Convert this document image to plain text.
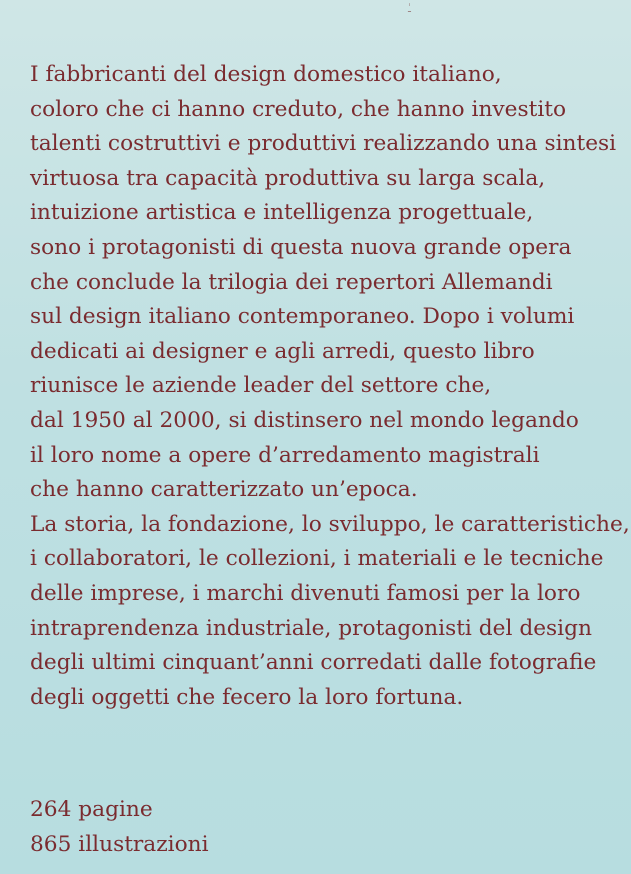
ـٰ

I fabbricanti del design domestico italiano,
coloro che ci hanno creduto, che hanno investito
talenti costruttivi e produttivi realizzando una sintesi
virtuosa tra capacità produttiva su larga scala,
intuizione artistica e intelligenza progettuale,
sono i protagonisti di questa nuova grande opera
che conclude la trilogia dei repertori Allemandi
sul design italiano contemporaneo. Dopo i volumi
dedicati ai designer e agli arredi, questo libro
riunisce le aziende leader del settore che,
dal 1950 al 2000, si distinsero nel mondo legando
il loro nome a opere d’arredamento magistrali
che hanno caratterizzato un’epoca.
La storia, la fondazione, lo sviluppo, le caratteristiche,
i collaboratori, le collezioni, i materiali e le tecniche
delle imprese, i marchi divenuti famosi per la loro
intraprendenza industriale, protagonisti del design
degli ultimi cinquant’anni corredati dalle fotografie
degli oggetti che fecero la loro fortuna.

264 pagine
865 illustrazioni
